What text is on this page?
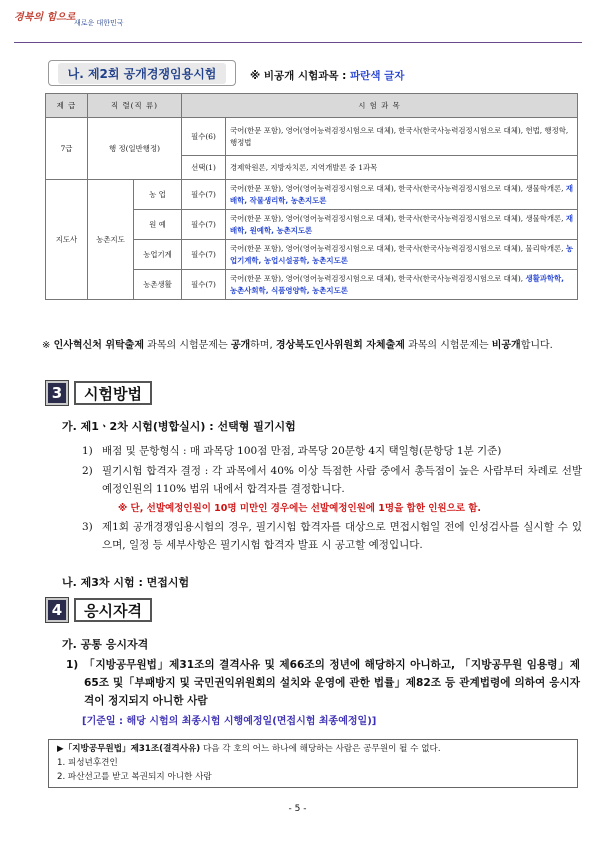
경북의 힘으로
새로운 대한민국
나. 제2회 공개경쟁임용시험	※ 비공개 시험과목 : 파란색 글자
제 급	직 렬(직 류)		시 험 과 목	
7급	행 정(일반행정)		필수(6)	국어(한문 포함), 영어(영어능력검정시험으로 대체), 한국사(한국사능력검정시험으로 대체), 헌법, 행정학, 행정법
			선택(1)	경제학원론, 지방자치론, 지역개발론 중 1과목
지도사	농촌지도	농 업	필수(7)	국어(한문 포함), 영어(영어능력검정시험으로 대체), 한국사(한국사능력검정시험으로 대체), 생물학개론, 재배학, 작물생리학, 농촌지도론
		원 예	필수(7)	국어(한문 포함), 영어(영어능력검정시험으로 대체), 한국사(한국사능력검정시험으로 대체), 생물학개론, 재배학, 원예학, 농촌지도론
		농업기계	필수(7)	국어(한문 포함), 영어(영어능력검정시험으로 대체), 한국사(한국사능력검정시험으로 대체), 물리학개론, 농업기계학, 농업시설공학, 농촌지도론
		농촌생활	필수(7)	국어(한문 포함), 영어(영어능력검정시험으로 대체), 한국사(한국사능력검정시험으로 대체), 생활과학학, 농촌사회학, 식품영양학, 농촌지도론
※ 인사혁신처 위탁출제 과목의 시험문제는 공개하며, 경상북도인사위원회 자체출제 과목의 시험문제는 비공개합니다.
3	시험방법
가. 제1ㆍ2차 시험(병합실시) : 선택형 필기시험
1) 배점 및 문항형식 : 매 과목당 100점 만점, 과목당 20문항 4지 택일형(문항당 1분 기준)
2) 필기시험 합격자 결정 : 각 과목에서 40% 이상 득점한 사람 중에서 총득점이 높은 사람부터 차례로 선발예정인원의 110% 범위 내에서 합격자를 결정합니다.
※ 단, 선발예정인원이 10명 미만인 경우에는 선발예정인원에 1명을 합한 인원으로 함.
3) 제1회 공개경쟁임용시험의 경우, 필기시험 합격자를 대상으로 면접시험일 전에 인성검사를 실시할 수 있으며, 일정 등 세부사항은 필기시험 합격자 발표 시 공고할 예정입니다.
나. 제3차 시험 : 면접시험
4	응시자격
가. 공통 응시자격
1) 「지방공무원법」제31조의 결격사유 및 제66조의 정년에 해당하지 아니하고, 「지방공무원 임용령」제65조 및「부패방지 및 국민권익위원회의 설치와 운영에 관한 법률」제82조 등 관계법령에 의하여 응시자격이 정지되지 아니한 사람
[기준일 : 해당 시험의 최종시험 시행예정일(면접시험 최종예정일)]
▶「지방공무원법」제31조(결격사유) 다음 각 호의 어느 하나에 해당하는 사람은 공무원이 될 수 없다.
1. 피성년후견인
2. 파산선고를 받고 복권되지 아니한 사람
- 5 -
